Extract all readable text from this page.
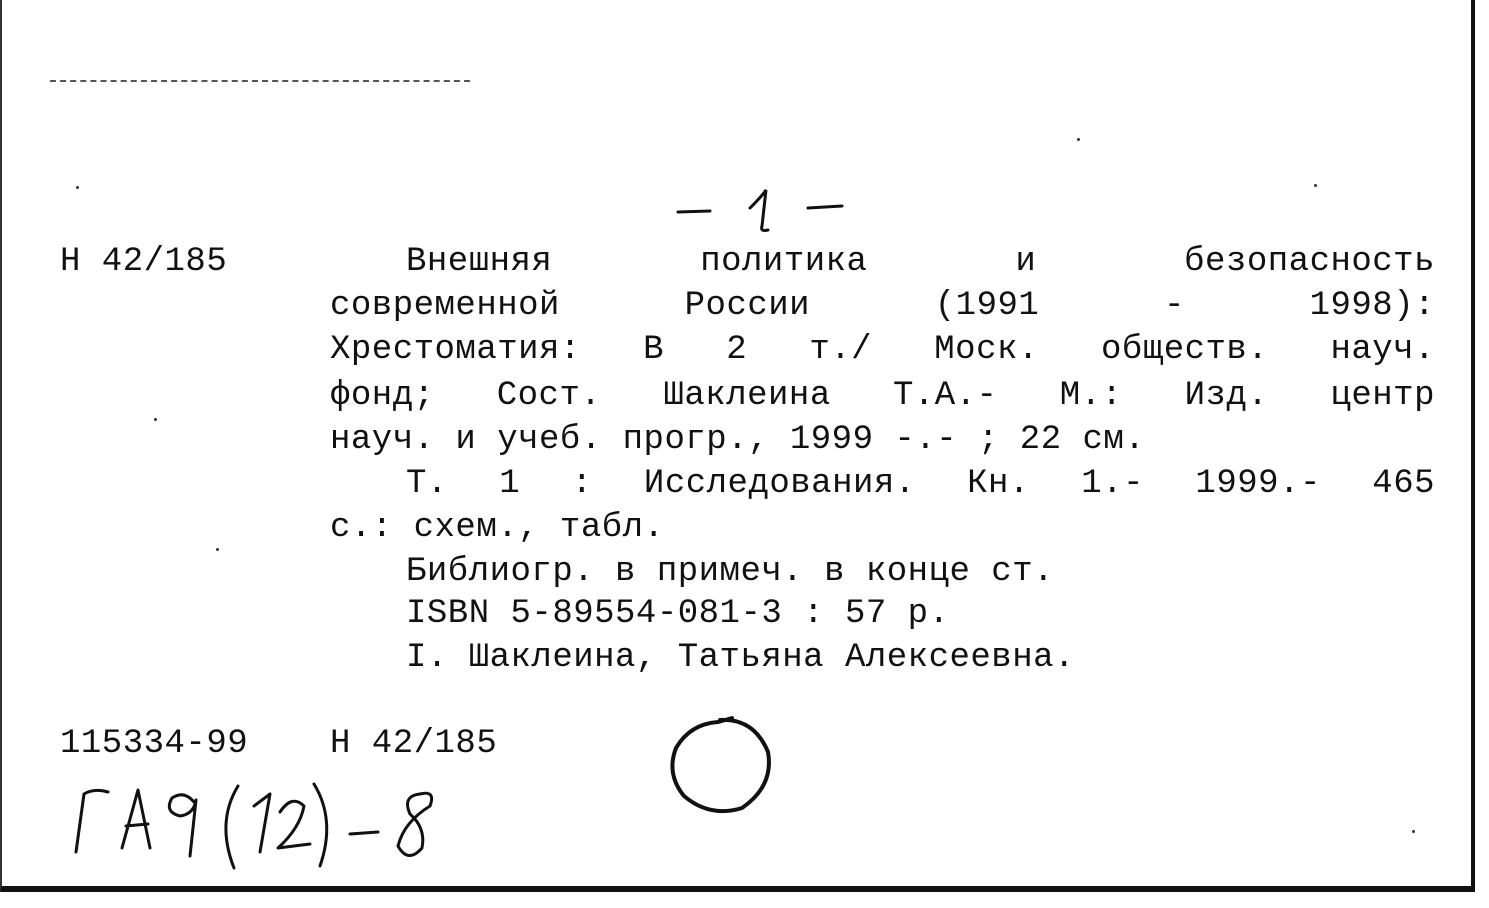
Н 42/185	Внешняя политика и безопасность
современной России (1991 - 1998):
Хрестоматия: В 2 т./ Моск. обществ. науч.
фонд; Сост. Шаклеина Т.А.- М.: Изд. центр
науч. и учеб. прогр., 1999 -.- ; 22 см.
Т. 1 : Исследования. Кн. 1.- 1999.- 465
с.: схем., табл.
Библиогр. в примеч. в конце ст.
ISBN 5-89554-081-3 : 57 р.
I. Шаклеина, Татьяна Алексеевна.
115334-99 Н 42/185
